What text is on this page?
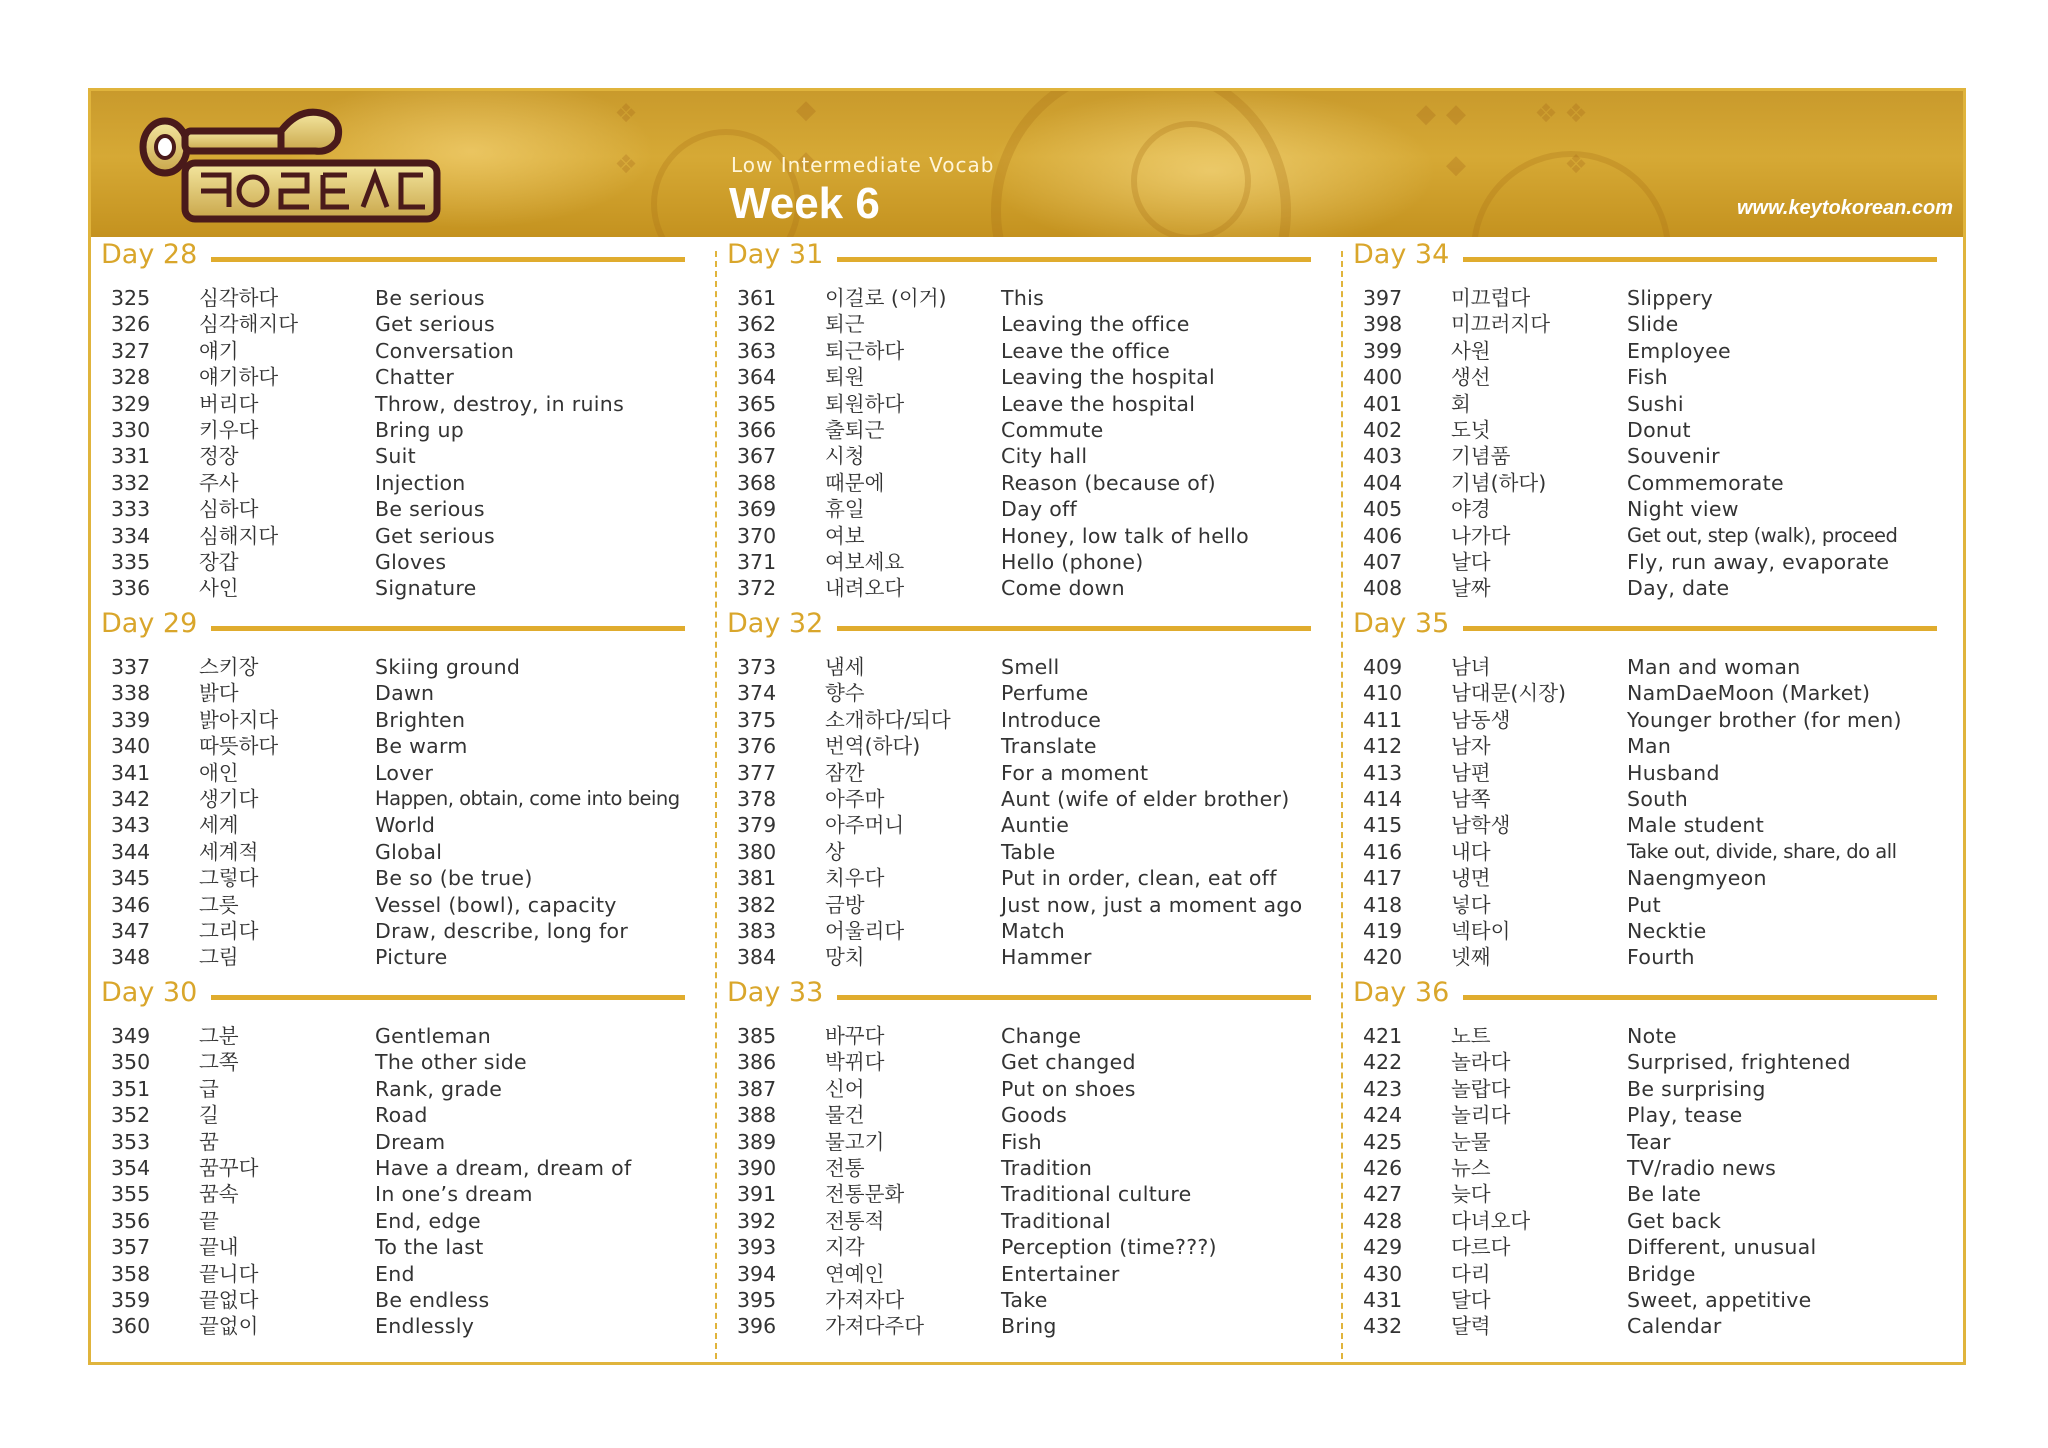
❖ ❖	◆ ◆	◆ ◆ ◆	❖ ❖ ❖
Low Intermediate Vocab
Week 6	www.keytokorean.com
Day 28
325	심각하다	Be serious
326	심각해지다	Get serious
327	얘기	Conversation
328	얘기하다	Chatter
329	버리다	Throw, destroy, in ruins
330	키우다	Bring up
331	정장	Suit
332	주사	Injection
333	심하다	Be serious
334	심해지다	Get serious
335	장갑	Gloves
336	사인	Signature
Day 29
337	스키장	Skiing ground
338	밝다	Dawn
339	밝아지다	Brighten
340	따뜻하다	Be warm
341	애인	Lover
342	생기다	Happen, obtain, come into being
343	세계	World
344	세계적	Global
345	그렇다	Be so (be true)
346	그릇	Vessel (bowl), capacity
347	그리다	Draw, describe, long for
348	그림	Picture
Day 30
349	그분	Gentleman
350	그쪽	The other side
351	급	Rank, grade
352	길	Road
353	꿈	Dream
354	꿈꾸다	Have a dream, dream of
355	꿈속	In one’s dream
356	끝	End, edge
357	끝내	To the last
358	끝니다	End
359	끝없다	Be endless
360	끝없이	Endlessly
Day 31
361	이걸로 (이거)	This
362	퇴근	Leaving the office
363	퇴근하다	Leave the office
364	퇴원	Leaving the hospital
365	퇴원하다	Leave the hospital
366	출퇴근	Commute
367	시청	City hall
368	때문에	Reason (because of)
369	휴일	Day off
370	여보	Honey, low talk of hello
371	여보세요	Hello (phone)
372	내려오다	Come down
Day 32
373	냄세	Smell
374	향수	Perfume
375	소개하다/되다	Introduce
376	번역(하다)	Translate
377	잠깐	For a moment
378	아주마	Aunt (wife of elder brother)
379	아주머니	Auntie
380	상	Table
381	치우다	Put in order, clean, eat off
382	금방	Just now, just a moment ago
383	어울리다	Match
384	망치	Hammer
Day 33
385	바꾸다	Change
386	박뀌다	Get changed
387	신어	Put on shoes
388	물건	Goods
389	물고기	Fish
390	전통	Tradition
391	전통문화	Traditional culture
392	전통적	Traditional
393	지각	Perception (time???)
394	연예인	Entertainer
395	가져자다	Take
396	가져다주다	Bring
Day 34
397	미끄럽다	Slippery
398	미끄러지다	Slide
399	사원	Employee
400	생선	Fish
401	회	Sushi
402	도넛	Donut
403	기념품	Souvenir
404	기념(하다)	Commemorate
405	야경	Night view
406	나가다	Get out, step (walk), proceed
407	날다	Fly, run away, evaporate
408	날짜	Day, date
Day 35
409	남녀	Man and woman
410	남대문(시장)	NamDaeMoon (Market)
411	남동생	Younger brother (for men)
412	남자	Man
413	남편	Husband
414	남쪽	South
415	남학생	Male student
416	내다	Take out, divide, share, do all
417	냉면	Naengmyeon
418	넣다	Put
419	넥타이	Necktie
420	넷째	Fourth
Day 36
421	노트	Note
422	놀라다	Surprised, frightened
423	놀랍다	Be surprising
424	놀리다	Play, tease
425	눈물	Tear
426	뉴스	TV/radio news
427	늦다	Be late
428	다녀오다	Get back
429	다르다	Different, unusual
430	다리	Bridge
431	달다	Sweet, appetitive
432	달력	Calendar
